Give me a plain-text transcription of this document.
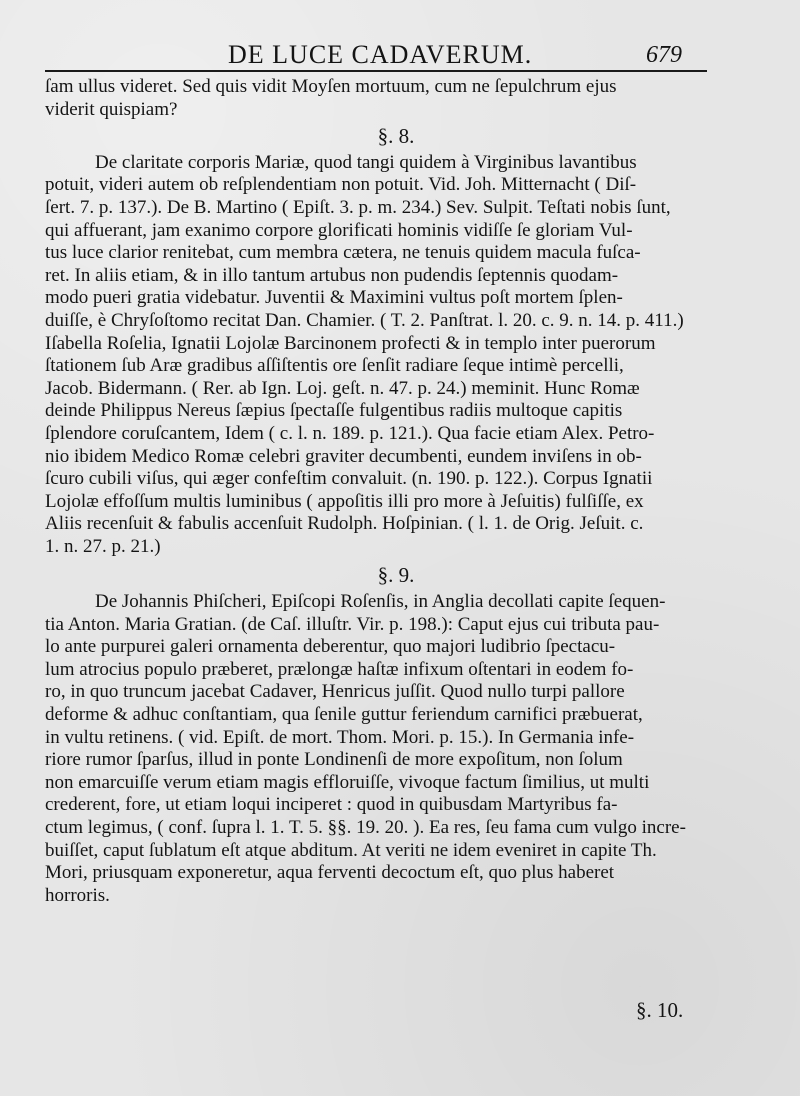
DE LUCE CADAVERUM.	679
ſam ullus videret. Sed quis vidit Moyſen mortuum, cum ne ſepulchrum ejus
viderit quispiam?
§. 8.
De claritate corporis Mariæ, quod tangi quidem à Virginibus lavantibus
potuit, videri autem ob reſplendentiam non potuit. Vid. Joh. Mitternacht ( Diſ-
ſert. 7. p. 137.). De B. Martino ( Epiſt. 3. p. m. 234.) Sev. Sulpit. Teſtati nobis ſunt,
qui affuerant, jam exanimo corpore glorificati hominis vidiſſe ſe gloriam Vul-
tus luce clarior renitebat, cum membra cætera, ne tenuis quidem macula fuſca-
ret. In aliis etiam, & in illo tantum artubus non pudendis ſeptennis quodam-
modo pueri gratia videbatur. Juventii & Maximini vultus poſt mortem ſplen-
duiſſe, è Chryſoſtomo recitat Dan. Chamier. ( T. 2. Panſtrat. l. 20. c. 9. n. 14. p. 411.)
Iſabella Roſelia, Ignatii Lojolæ Barcinonem profecti & in templo inter puerorum
ſtationem ſub Aræ gradibus aſſiſtentis ore ſenſit radiare ſeque intimè percelli,
Jacob. Bidermann. ( Rer. ab Ign. Loj. geſt. n. 47. p. 24.) meminit. Hunc Romæ
deinde Philippus Nereus ſæpius ſpectaſſe fulgentibus radiis multoque capitis
ſplendore coruſcantem, Idem ( c. l. n. 189. p. 121.). Qua facie etiam Alex. Petro-
nio ibidem Medico Romæ celebri graviter decumbenti, eundem inviſens in ob-
ſcuro cubili viſus, qui æger confeſtim convaluit. (n. 190. p. 122.). Corpus Ignatii
Lojolæ effoſſum multis luminibus ( appoſitis illi pro more à Jeſuitis) fulſiſſe, ex
Aliis recenſuit & fabulis accenſuit Rudolph. Hoſpinian. ( l. 1. de Orig. Jeſuit. c.
1. n. 27. p. 21.)
§. 9.
De Johannis Phiſcheri, Epiſcopi Roſenſis, in Anglia decollati capite ſequen-
tia Anton. Maria Gratian. (de Caſ. illuſtr. Vir. p. 198.): Caput ejus cui tributa pau-
lo ante purpurei galeri ornamenta deberentur, quo majori ludibrio ſpectacu-
lum atrocius populo præberet, prælongæ haſtæ infixum oſtentari in eodem fo-
ro, in quo truncum jacebat Cadaver, Henricus juſſit. Quod nullo turpi pallore
deforme & adhuc conſtantiam, qua ſenile guttur feriendum carnifici præbuerat,
in vultu retinens. ( vid. Epiſt. de mort. Thom. Mori. p. 15.). In Germania infe-
riore rumor ſparſus, illud in ponte Londinenſi de more expoſitum, non ſolum
non emarcuiſſe verum etiam magis effloruiſſe, vivoque factum ſimilius, ut multi
crederent, fore, ut etiam loqui inciperet : quod in quibusdam Martyribus fa-
ctum legimus, ( conf. ſupra l. 1. T. 5. §§. 19. 20. ). Ea res, ſeu fama cum vulgo incre-
buiſſet, caput ſublatum eſt atque abditum. At veriti ne idem eveniret in capite Th.
Mori, priusquam exponeretur, aqua ferventi decoctum eſt, quo plus haberet
horroris.
§. 10.
